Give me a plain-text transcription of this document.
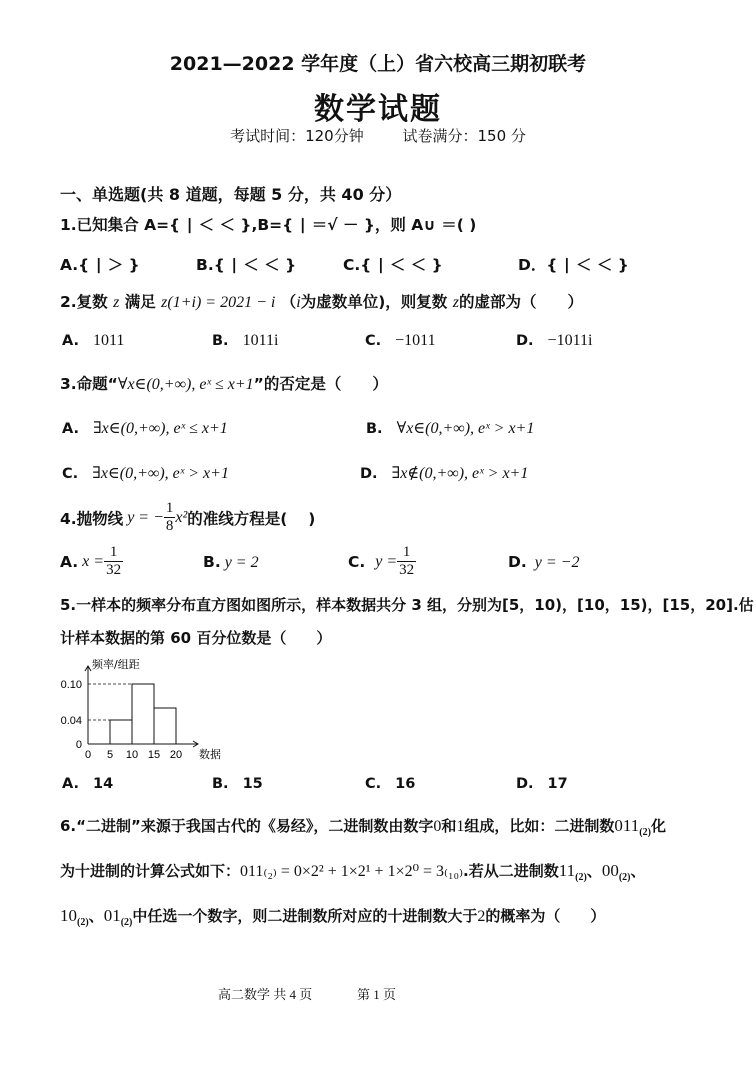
2021—2022 学年度（上）省六校高三期初联考
数学试题
考试时间：120分钟	试卷满分：150 分
一、单选题(共 8 道题，每题 5 分，共 40 分）
1.已知集合 A={ ∣ ＜ ＜ },B={ ∣ ＝√ － }，则 A∪ ＝( )
A.{ ∣ ＞ }	B.{ ∣ ＜ ＜ }	C.{ ∣ ＜ ＜ }	D．{ ∣ ＜ ＜ }
2.复数 z 满足 z(1+i) = 2021 − i （i为虚数单位)，则复数 z的虚部为（　　）
A. 1011	B. 1011i	C. −1011	D. −1011i
3.命题“∀x∈(0,+∞), eˣ ≤ x+1”的否定是（　　）
A. ∃x∈(0,+∞), eˣ ≤ x+1	B. ∀x∈(0,+∞), eˣ > x+1
C. ∃x∈(0,+∞), eˣ > x+1	D. ∃x∉(0,+∞), eˣ > x+1
4.抛物线 y = − $\frac{1}{8} x^2$ 的准线方程是(　 )
A. $x = \frac{1}{32}$	B. y = 2	C. $y = \frac{1}{32}$	D. y = −2
5.一样本的频率分布直方图如图所示，样本数据共分 3 组，分别为[5，10)，[10，15)，[15，20].估
计样本数据的第 60 百分位数是（　　）
0 5 10 15 20
0
0.04
0.10
频率/组距
数据
A. 14	B. 15	C. 16	D. 17
6.“二进制”来源于我国古代的《易经》，二进制数由数字0和1组成，比如：二进制数$011_{(2)}$化
为十进制的计算公式如下：011₍₂₎ = 0×2² + 1×2¹ + 1×2⁰ = 3₍₁₀₎.若从二进制数$11_{(2)}$、$00_{(2)}$、
$10_{(2)}$、$01_{(2)}$中任选一个数字，则二进制数所对应的十进制数大于2的概率为（　　）
高二数学 共 4 页	第 1 页
